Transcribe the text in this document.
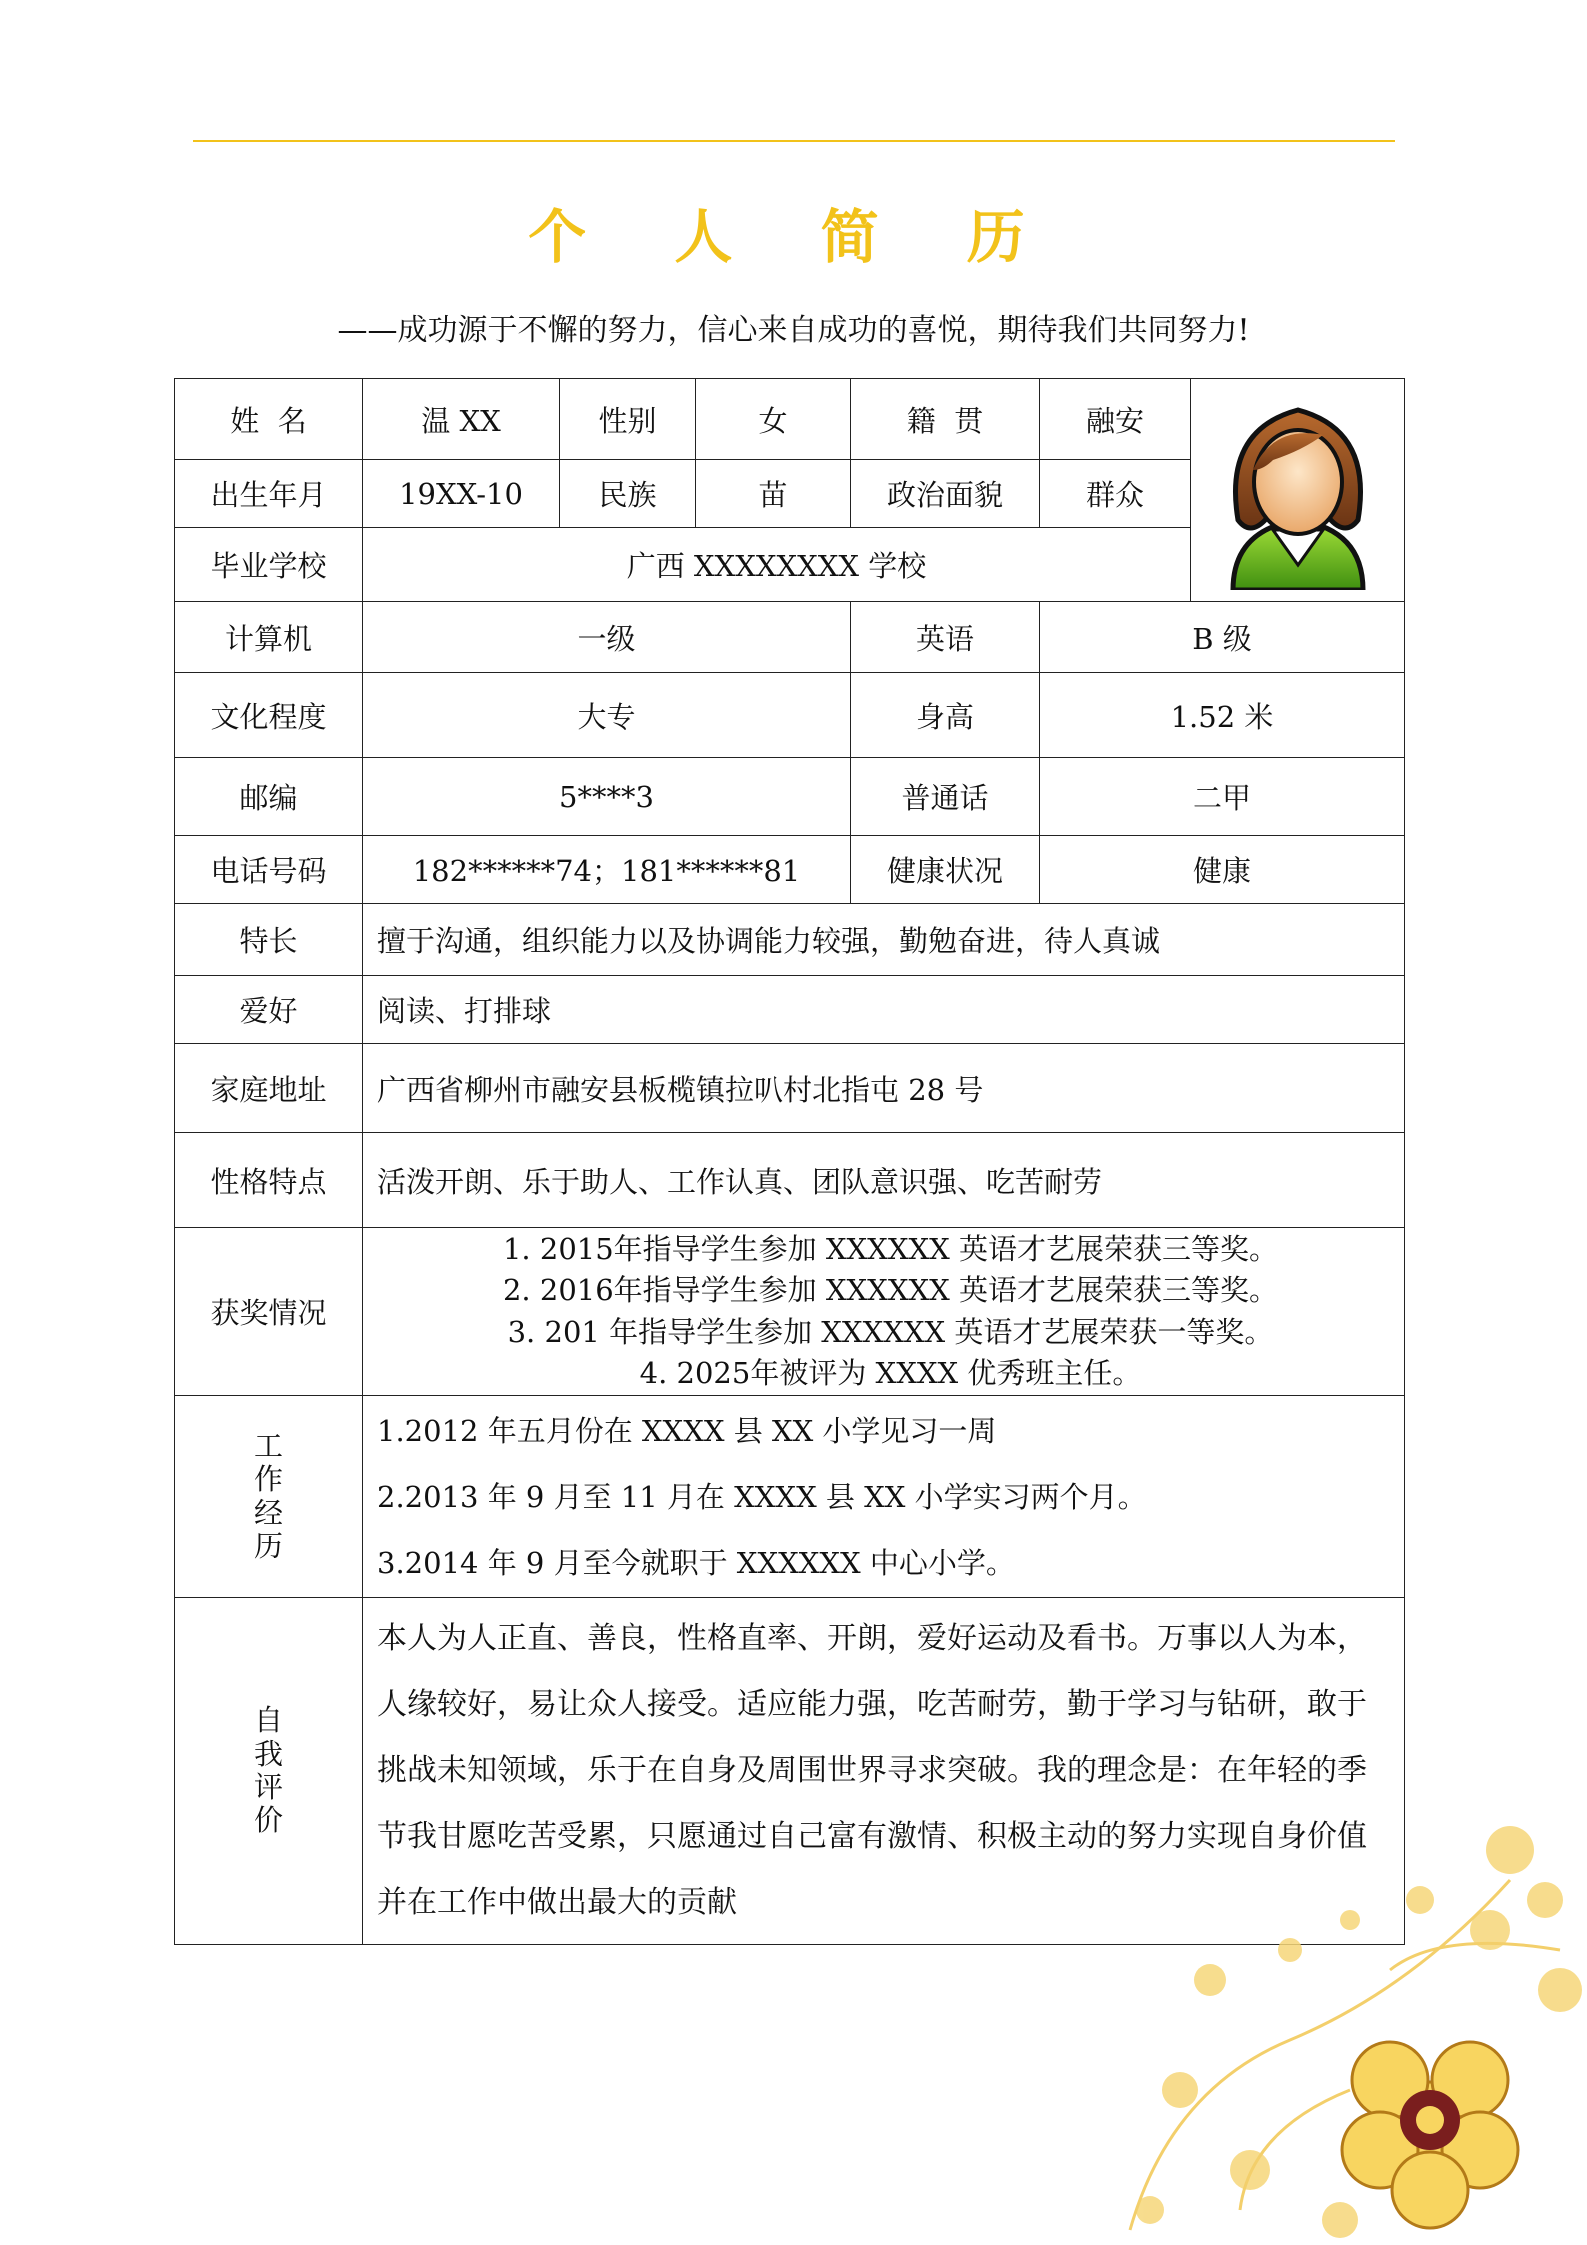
个 人 简 历
——成功源于不懈的努力，信心来自成功的喜悦，期待我们共同努力!
姓  名	温 XX	性别	女	籍  贯	融安	

出生年月	19XX-10	民族	苗	政治面貌	群众	
毕业学校	广西 XXXXXXXX 学校					
计算机	一级			英语	B 级	
文化程度	大专			身高	1.52 米	
邮编	5****3			普通话	二甲	
电话号码	182******74；181******81			健康状况	健康	
特长	擅于沟通，组织能力以及协调能力较强，勤勉奋进，待人真诚					
爱好	阅读、打排球					
家庭地址	广西省柳州市融安县板榄镇拉叭村北指屯 28 号					
性格特点	活泼开朗、乐于助人、工作认真、团队意识强、吃苦耐劳					
获奖情况	1. 2015年指导学生参加 XXXXXX 英语才艺展荣获三等奖。
2. 2016年指导学生参加 XXXXXX 英语才艺展荣获三等奖。
3. 201 年指导学生参加 XXXXXX 英语才艺展荣获一等奖。
4. 2025年被评为 XXXX 优秀班主任。					

工作经历	1.2012 年五月份在 XXXX 县 XX 小学见习一周
2.2013 年 9 月至 11 月在 XXXX 县 XX 小学实习两个月。
3.2014 年 9 月至今就职于 XXXXXX 中心小学。					

自我评价	本人为人正直、善良，性格直率、开朗，爱好运动及看书。万事以人为本，人缘较好，易让众人接受。适应能力强，吃苦耐劳，勤于学习与钻研，敢于挑战未知领域，乐于在自身及周围世界寻求突破。我的理念是：在年轻的季节我甘愿吃苦受累，只愿通过自己富有激情、积极主动的努力实现自身价值并在工作中做出最大的贡献					
